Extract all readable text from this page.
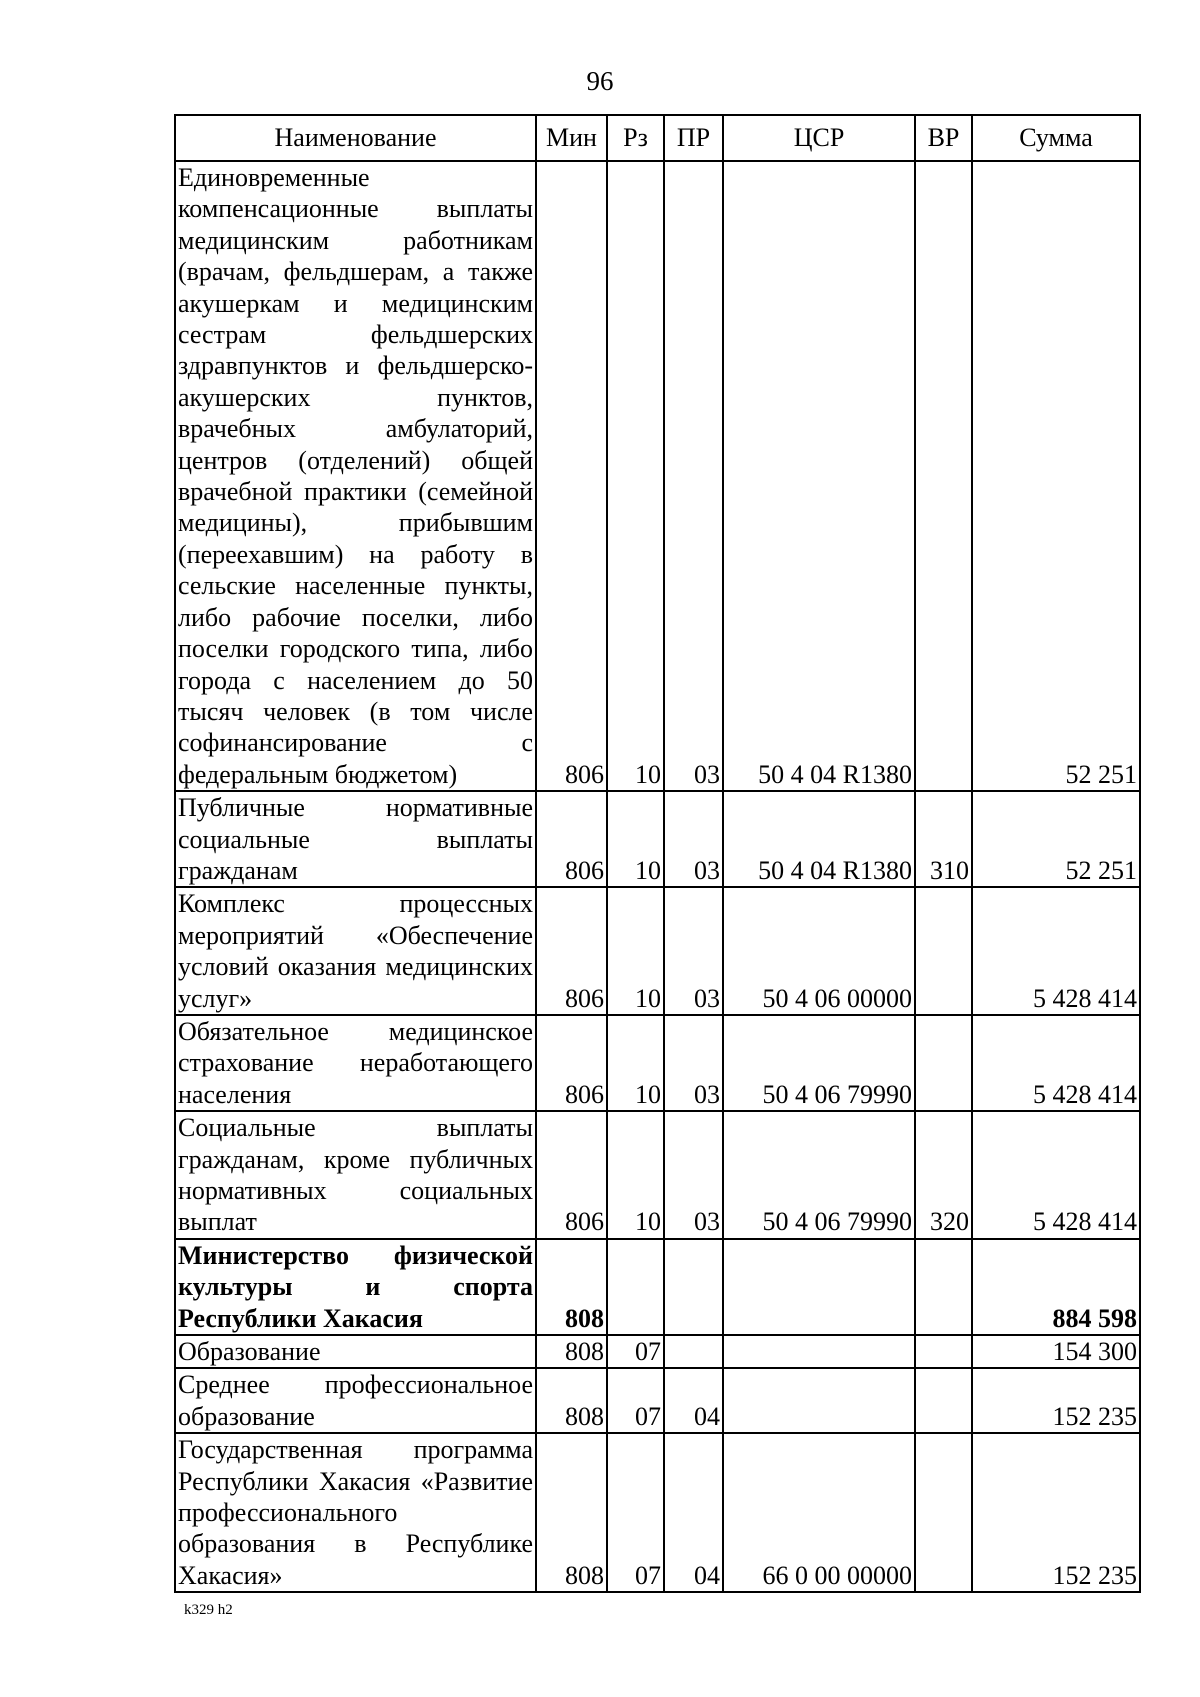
96
Наименование	Мин	Рз	ПР	ЦСР	ВР	Сумма
Единовременные компенсационные выплаты медицинским работникам (врачам, фельдшерам, а также акушеркам и медицинским сестрам фельдшерских здравпунктов и фельдшерско-акушерских пунктов, врачебных амбулаторий, центров (отделений) общей врачебной практики (семейной медицины), прибывшим (переехавшим) на работу в сельские населенные пункты, либо рабочие поселки, либо поселки городского типа, либо города с населением до 50 тысяч человек (в том числе софинансирование с федеральным бюджетом)	806	10	03	50 4 04 R1380		52 251
Публичные нормативные социальные выплаты гражданам	806	10	03	50 4 04 R1380	310	52 251
Комплекс процессных мероприятий «Обеспечение условий оказания медицинских услуг»	806	10	03	50 4 06 00000		5 428 414
Обязательное медицинское страхование неработающего населения	806	10	03	50 4 06 79990		5 428 414
Социальные выплаты гражданам, кроме публичных нормативных социальных выплат	806	10	03	50 4 06 79990	320	5 428 414
Министерство физической культуры и спорта Республики Хакасия	808					884 598
Образование	808	07				154 300
Среднее профессиональное образование	808	07	04			152 235
Государственная программа Республики Хакасия «Развитие профессионального образования в Республике Хакасия»	808	07	04	66 0 00 00000		152 235
k329 h2
